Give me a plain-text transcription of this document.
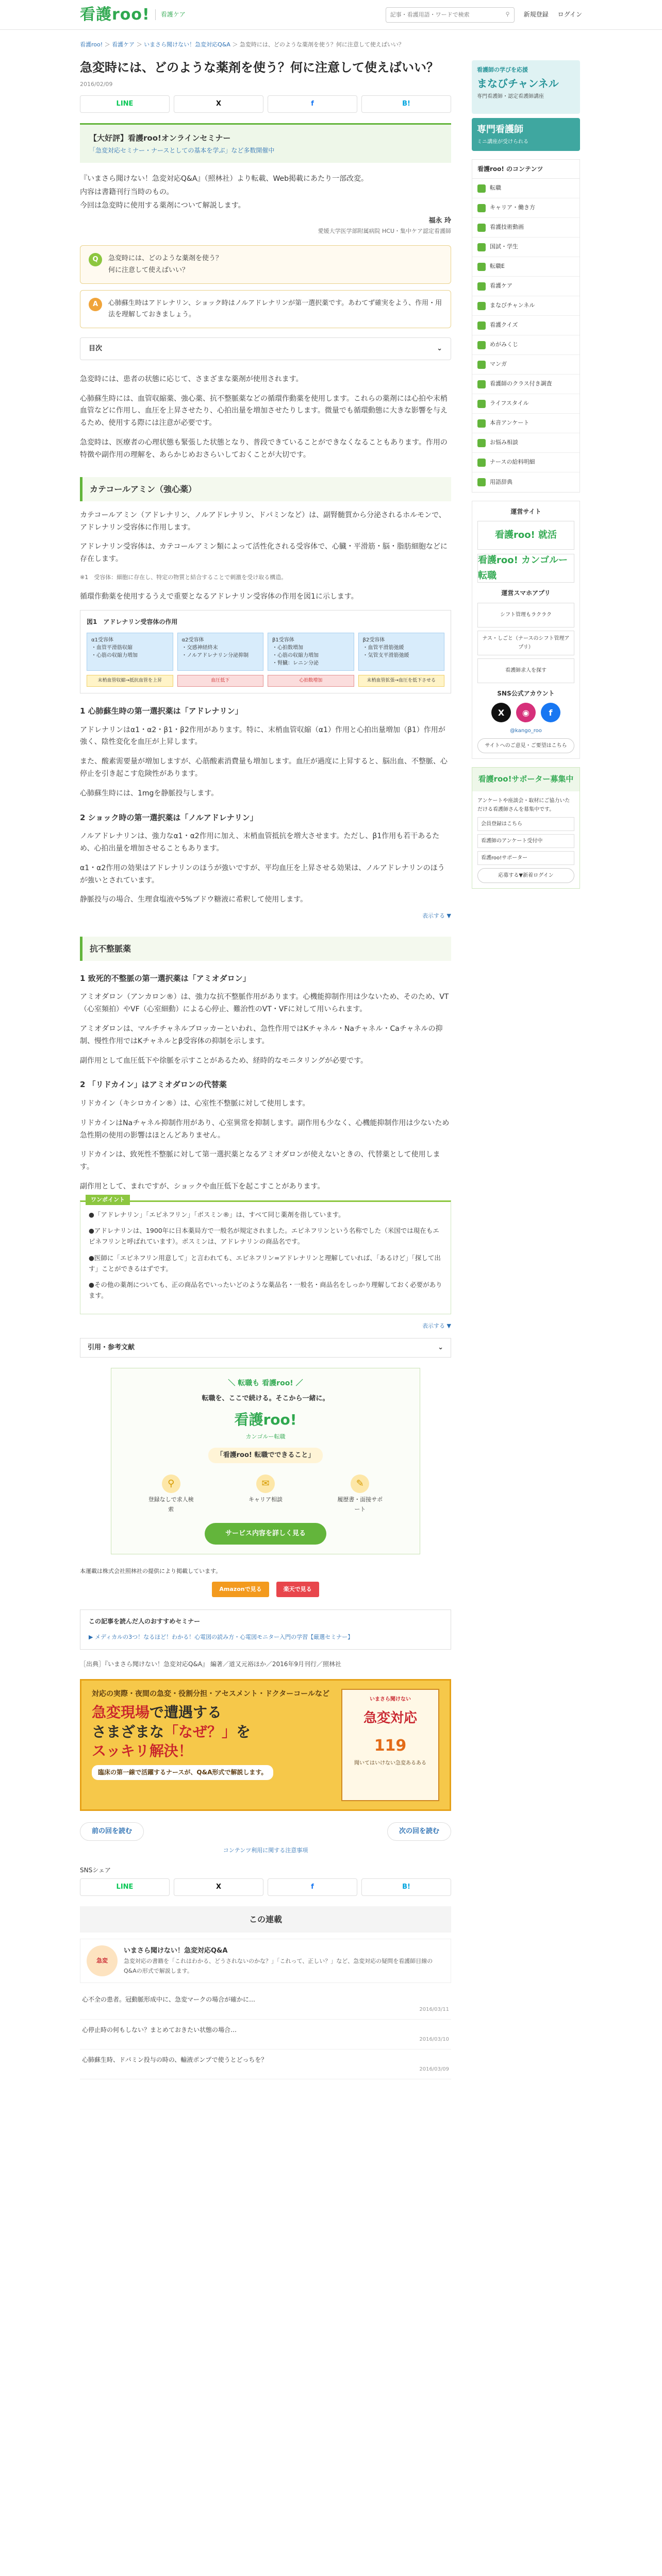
看護roo!	看護ケア
記事・看護用語・ワードで検索	⚲ 新規登録 ログイン
看護roo! ＞ 看護ケア ＞ いまさら聞けない！急変対応Q&A ＞ 急変時には、どのような薬剤を使う？何に注意して使えばいい？
急変時には、どのような薬剤を使う？何に注意して使えばいい？
2016/02/09
LINE	X	f	B!
【大好評】看護roo!オンラインセミナー
「急変対応セミナー・ナースとしての基本を学ぶ」など多数開催中

『いまさら聞けない！急変対応Q&A』（照林社）より転載、Web掲載にあたり一部改変。

内容は書籍刊行当時のもの。

今回は急変時に使用する薬剤について解説します。

福永 玲
愛媛大学医学部附属病院 HCU・集中ケア認定看護師
Q	急変時には、どのような薬剤を使う？
何に注意して使えばいい？
A	心肺蘇生時はアドレナリン、ショック時はノルアドレナリンが第一選択薬です。あわてず確実をよう、作用・用法を理解しておきましょう。
目次	⌄

急変時には、患者の状態に応じて、さまざまな薬剤が使用されます。

心肺蘇生時には、血管収縮薬、強心薬、抗不整脈薬などの循環作動薬を使用します。これらの薬剤には心拍や末梢血管などに作用し、血圧を上昇させたり、心拍出量を増加させたりします。微量でも循環動態に大きな影響を与えるため、使用する際には注意が必要です。

急変時は、医療者の心理状態も緊張した状態となり、普段できていることができなくなることもあります。作用の特徴や副作用の理解を、あらかじめおさらいしておくことが大切です。

カテコールアミン（強心薬）

カテコールアミン（アドレナリン、ノルアドレナリン、ドパミンなど）は、副腎髄質から分泌されるホルモンで、アドレナリン受容体に作用します。

アドレナリン受容体は、カテコールアミン類によって活性化される受容体で、心臓・平滑筋・脳・脂肪細胞などに存在します。

※1　受容体：細胞に存在し、特定の物質と結合することで刺激を受け取る構造。

循環作動薬を使用するうえで重要となるアドレナリン受容体の作用を図1に示します。

図1　アドレナリン受容体の作用
α1受容体
・血管平滑筋収縮
・心筋の収縮力増加
α2受容体
・交感神経終末
・ノルアドレナリン分泌抑制
β1受容体
・心拍数増加
・心筋の収縮力増加
・腎臓：レニン分泌
β2受容体
・血管平滑筋弛緩
・気管支平滑筋弛緩
末梢血管収縮→抵抗血管を上昇	血圧低下	心拍数増加	末梢血管拡張→血圧を低下させる
1 心肺蘇生時の第一選択薬は「アドレナリン」

アドレナリンはα1・α2・β1・β2作用があります。特に、末梢血管収縮（α1）作用と心拍出量増加（β1）作用が強く、陰性変化を血圧が上昇します。

また、酸素需要量が増加しますが、心筋酸素消費量も増加します。血圧が過度に上昇すると、脳出血、不整脈、心停止を引き起こす危険性があります。

心肺蘇生時には、1mgを静脈投与します。

2 ショック時の第一選択薬は「ノルアドレナリン」

ノルアドレナリンは、強力なα1・α2作用に加え、末梢血管抵抗を増大させます。ただし、β1作用も若干あるため、心拍出量を増加させることもあります。

α1・α2作用の効果はアドレナリンのほうが強いですが、平均血圧を上昇させる効果は、ノルアドレナリンのほうが強いとされています。

静脈投与の場合、生理食塩液や5%ブドウ糖液に希釈して使用します。

表示する ▼
抗不整脈薬
1 致死的不整脈の第一選択薬は「アミオダロン」

アミオダロン（アンカロン®）は、強力な抗不整脈作用があります。心機能抑制作用は少ないため、そのため、VT（心室頻拍）やVF（心室細動）による心停止、難治性のVT・VFに対して用いられます。

アミオダロンは、マルチチャネルブロッカーといわれ、急性作用ではKチャネル・Naチャネル・Caチャネルの抑制、慢性作用ではKチャネルとβ受容体の抑制を示します。

副作用として血圧低下や徐脈を示すことがあるため、経時的なモニタリングが必要です。

2 「リドカイン」はアミオダロンの代替薬

リドカイン（キシロカイン®）は、心室性不整脈に対して使用します。

リドカインはNaチャネル抑制作用があり、心室異常を抑制します。副作用も少なく、心機能抑制作用は少ないため急性期の使用の影響はほとんどありません。

リドカインは、致死性不整脈に対して第一選択薬となるアミオダロンが使えないときの、代替薬として使用します。

副作用として、まれですが、ショックや血圧低下を起こすことがあります。

ワンポイント

●「アドレナリン」「エピネフリン」「ボスミン®」は、すべて同じ薬剤を指しています。

●アドレナリンは、1900年に日本薬局方で一般名が規定されました。エピネフリンという名称でした（米国では現在もエピネフリンと呼ばれています）。ボスミンは、アドレナリンの商品名です。

●医師に「エピネフリン用意して」と言われても、エピネフリン=アドレナリンと理解していれば、「あるけど」「探して出す」ことができるはずです。

●その他の薬剤についても、正の商品名でいったいどのような薬品名・一般名・商品名をしっかり理解しておく必要があります。

表示する ▼
引用・参考文献	⌄
＼ 転職も 看護roo! ／
転職を、ここで続ける。そこから一緒に。
看護roo!
カンゴルー転職
「看護roo! 転職でできること」
⚲
登録なしで求人検索
✉
キャリア相談
✎
履歴書・面接サポート
サービス内容を詳しく見る

本運載は株式会社照林社の提供により掲載しています。

Amazonで見る	楽天で見る
この記事を読んだ人のおすすめセミナー
▶ メディカルの3つ！なるほど！わかる！心電図の読み方・心電図モニター入門の学習【厳選セミナー】

［出典］『いまさら聞けない！急変対応Q&A』 編著／道又元裕ほか／2016年9月刊行／照林社

対応の実際・夜間の急変・役割分担・アセスメント・ドクターコールなど
急変現場で遭遇する
さまざまな「なぜ？」を
スッキリ解決！
臨床の第一線で活躍するナースが、Q&A形式で解説します。
いまさら聞けない
急変対応
119
聞いてはいけない急変あるある
前の回を読む	次の回を読む
コンテンツ利用に関する注意事項
SNSシェア
LINE	X	f	B!
この連載
急変
いまさら聞けない！急変対応Q&A
急変対応の書籍を「これはわかる、どうされないのかな？」「これって、正しい？」など、急変対応の疑問を看護師目線のQ&Aの形式で解説します。
心不全の患者。冠動脈形成中に、急変マークの場合が確かに…
2016/03/11
心停止時の何もしない？まとめておきたい状態の場合…
2016/03/10
心肺蘇生時、ドパミン投与の時の、輸液ポンプで使うとどっちを？
2016/03/09
看護師の学びを応援
まなびチャンネル
専門看護師・認定看護師講座
専門看護師
ミニ講座が受けられる
看護roo! のコンテンツ
転職
キャリア・働き方
看護技術動画
国試・学生
転職E
看護ケア
まなびチャンネル
看護クイズ
めがみくじ
マンガ
看護師のクラス付き調査
ライフスタイル
本音アンケート
お悩み相談
ナースの給料明細
用語辞典
運営サイト
看護roo! 就活
看護roo! カンゴルー転職
運営スマホアプリ
シフト管理もラクラク
ナス・しごと（ナースのシフト管理アプリ）
看護師求人を探す
SNS公式アカウント
X	◉	f
@kango_roo
サイトへのご意見・ご要望はこちら
看護roo!サポーター募集中
アンケートや座談会・取材にご協力いただける看護師さんを募集中です。
会員登録はこちら
看護師のアンケート受付中
看護roo!サポーター
応募する▼新着ログイン
